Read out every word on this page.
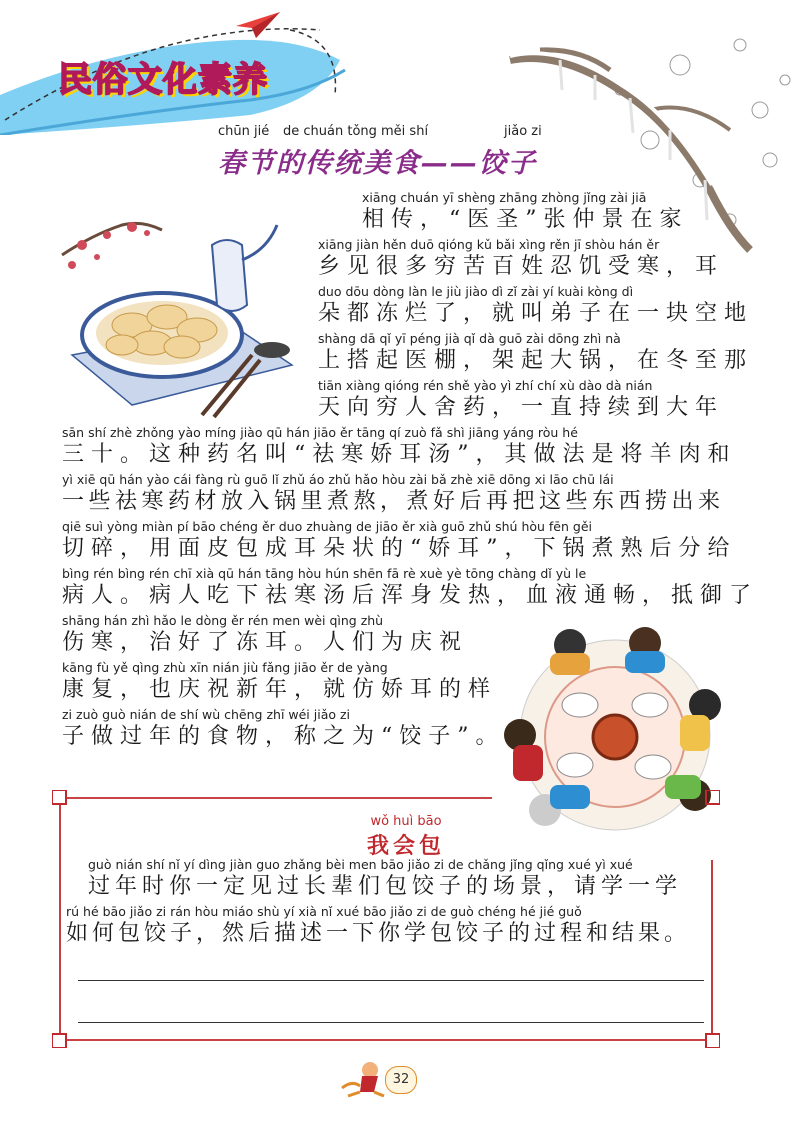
民俗文化素养
chūn jié de chuán tǒng měi shí	jiǎo zi
春节的传统美食——饺子
xiāng chuán yī shèng zhāng zhòng jǐng zài jiā
相传，“医圣”张仲景在家
xiāng jiàn hěn duō qióng kǔ bǎi xìng rěn jī shòu hán ěr
乡见很多穷苦百姓忍饥受寒，耳
duo dōu dòng làn le jiù jiào dì zǐ zài yí kuài kòng dì
朵都冻烂了，就叫弟子在一块空地
shàng dā qǐ yī péng jià qǐ dà guō zài dōng zhì nà
上搭起医棚，架起大锅，在冬至那
tiān xiàng qióng rén shě yào yì zhí chí xù dào dà nián
天向穷人舍药，一直持续到大年
sān shí zhè zhǒng yào míng jiào qū hán jiāo ěr tāng qí zuò fǎ shì jiāng yáng ròu hé
三十。这种药名叫“祛寒娇耳汤”，其做法是将羊肉和
yì xiē qū hán yào cái fàng rù guō lǐ zhǔ áo zhǔ hǎo hòu zài bǎ zhè xiē dōng xi lāo chū lái
一些祛寒药材放入锅里煮熬，煮好后再把这些东西捞出来
qiē suì yòng miàn pí bāo chéng ěr duo zhuàng de jiāo ěr xià guō zhǔ shú hòu fēn gěi
切碎，用面皮包成耳朵状的“娇耳”，下锅煮熟后分给
bìng rén bìng rén chī xià qū hán tāng hòu hún shēn fā rè xuè yè tōng chàng dǐ yù le
病人。病人吃下祛寒汤后浑身发热，血液通畅，抵御了
shāng hán zhì hǎo le dòng ěr rén men wèi qìng zhù
伤寒，治好了冻耳。人们为庆祝
kāng fù yě qìng zhù xīn nián jiù fǎng jiāo ěr de yàng
康复，也庆祝新年，就仿娇耳的样
zi zuò guò nián de shí wù chēng zhī wéi jiǎo zi
子做过年的食物，称之为“饺子”。
wǒ huì bāo
我会包
guò nián shí nǐ yí dìng jiàn guo zhǎng bèi men bāo jiǎo zi de chǎng jǐng qǐng xué yì xué
过年时你一定见过长辈们包饺子的场景，请学一学
rú hé bāo jiǎo zi rán hòu miáo shù yí xià nǐ xué bāo jiǎo zi de guò chéng hé jié guǒ
如何包饺子，然后描述一下你学包饺子的过程和结果。
32
